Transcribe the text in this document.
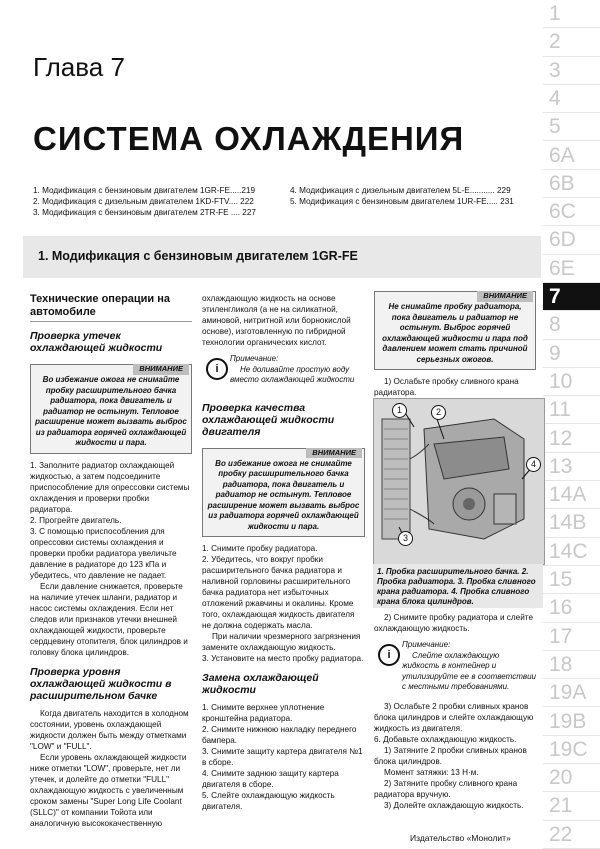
1
2
3
4
5
6A
6B
6C
6D
6E
7
8
9
10
11
12
13
14A
14B
14C
15
16
17
18
19A
19B
19C
20
21
22
Глава 7
СИСТЕМА ОХЛАЖДЕНИЯ
1. Модификация с бензиновым двигателем 1GR-FE.....219
2. Модификация с дизельным двигателем 1KD-FTV.... 222
3. Модификация с бензиновым двигателем 2TR-FE .... 227
4. Модификация с дизельным двигателем 5L-E........... 229
5. Модификация с бензиновым двигателем 1UR-FE..... 231
1. Модификация с бензиновым двигателем 1GR-FE
Технические операции на автомобиле
Проверка утечек охлаждающей жидкости
ВНИМАНИЕ
Во избежание ожога не снимайте пробку расширительного бачка радиатора, пока двигатель и радиатор не остынут. Тепловое расширение может вызвать выброс из радиатора горячей охлаждающей жидкости и пара.

1. Заполните радиатор охлаждающей жидкостью, а затем подсоедините приспособление для опрессовки системы охлаждения и проверки пробки радиатора.

2. Прогрейте двигатель.

3. С помощью приспособления для опрессовки системы охлаждения и проверки пробки радиатора увеличьте давление в радиаторе до 123 кПа и убедитесь, что давление не падает.

Если давление снижается, проверьте на наличие утечек шланги, радиатор и насос системы охлаждения. Если нет следов или признаков утечки внешней охлаждающей жидкости, проверьте сердцевину отопителя, блок цилиндров и головку блока цилиндров.

Проверка уровня охлаждающей жидкости в расширительном бачке

Когда двигатель находится в холодном состоянии, уровень охлаждающей жидкости должен быть между отметками "LOW" и "FULL".

Если уровень охлаждающей жидкости ниже отметки "LOW", проверьте, нет ли утечек, и долейте до отметки "FULL" охлаждающую жидкость с увеличенным сроком замены "Super Long Life Coolant (SLLC)" от компании Тойота или аналогичную высококачественную

охлаждающую жидкость на основе этиленгликоля (а не на силикатной, аминовой, нитритной или борнокислой основе), изготовленную по гибридной технологии органических кислот.

i
Примечание:
Не доливайте простую воду вместо охлаждающей жидкости
Проверка качества охлаждающей жидкости двигателя
ВНИМАНИЕ
Во избежание ожога не снимайте пробку расширительного бачка радиатора, пока двигатель и радиатор не остынут. Тепловое расширение может вызвать выброс из радиатора горячей охлаждающей жидкости и пара.

1. Снимите пробку радиатора.

2. Убедитесь, что вокруг пробки расширительного бачка радиатора и наливной горловины расширительного бачка радиатора нет избыточных отложений ржавчины и окалины. Кроме того, охлаждающая жидкость двигателя не должна содержать масла.

При наличии чрезмерного загрязнения замените охлаждающую жидкость.

3. Установите на место пробку радиатора.

Замена охлаждающей жидкости

1. Снимите верхнее уплотнение кронштейна радиатора.

2. Снимите нижнюю накладку переднего бампера.

3. Снимите защиту картера двигателя №1 в сборе.

4. Снимите заднюю защиту картера двигателя в сборе.

5. Слейте охлаждающую жидкость двигателя.

ВНИМАНИЕ
Не снимайте пробку радиатора, пока двигатель и радиатор не остынут. Выброс горячей охлаждающей жидкости и пара под давлением может стать причиной серьезных ожогов.

1) Ослабьте пробку сливного крана радиатора.

1	2
3
4
1. Пробка расширительного бачка. 2. Пробка радиатора. 3. Пробка сливного крана радиатора. 4. Пробка сливного крана блока цилиндров.

2) Снимите пробку радиатора и слейте охлаждающую жидкость.

i
Примечание:
Слейте охлаждающую жидкость в контейнер и утилизируйте ее в соответствии с местными требованиями.

3) Ослабьте 2 пробки сливных кранов блока цилиндров и слейте охлаждающую жидкость из двигателя.

6. Добавьте охлаждающую жидкость.

1) Затяните 2 пробки сливных кранов блока цилиндров.

Момент затяжки: 13 Н·м.

2) Затяните пробку сливного крана радиатора вручную.

3) Долейте охлаждающую жидкость.

Издательство «Монолит»
